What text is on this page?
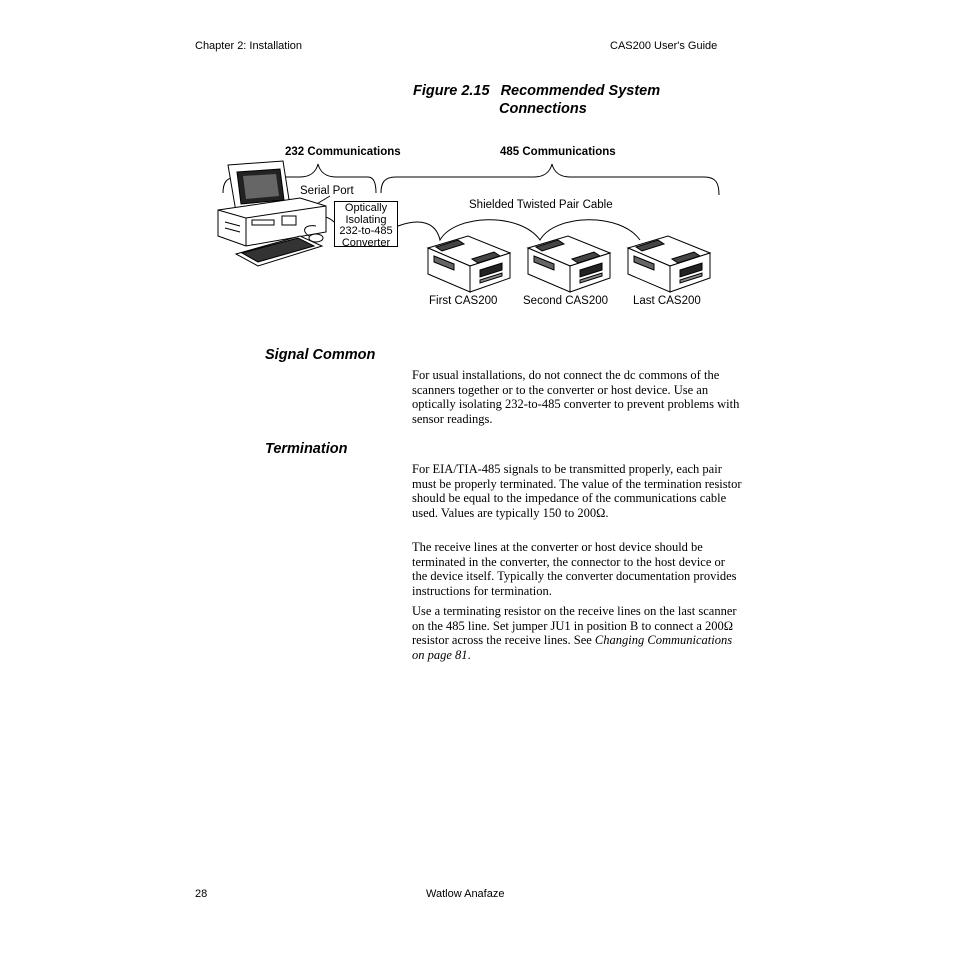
Chapter 2: Installation	CAS200 User's Guide
Figure 2.15 Recommended System
Connections
232 Communications	485 Communications
Serial Port
Optically
Isolating
232-to-485
Converter
Shielded Twisted Pair Cable
First CAS200 Second CAS200 Last CAS200
Signal Common

For usual installations, do not connect the dc commons of the scanners together or to the converter or host device. Use an optically isolating 232-to-485 converter to prevent problems with sensor readings.

Termination

For EIA/TIA-485 signals to be transmitted properly, each pair must be properly terminated. The value of the termination resistor should be equal to the impedance of the communications cable used. Values are typically 150 to 200Ω.

The receive lines at the converter or host device should be terminated in the converter, the connector to the host device or the device itself. Typically the converter documentation provides instructions for termination.

Use a terminating resistor on the receive lines on the last scanner on the 485 line. Set jumper JU1 in position B to connect a 200Ω resistor across the receive lines. See Changing Communications on page 81.

28	Watlow Anafaze
